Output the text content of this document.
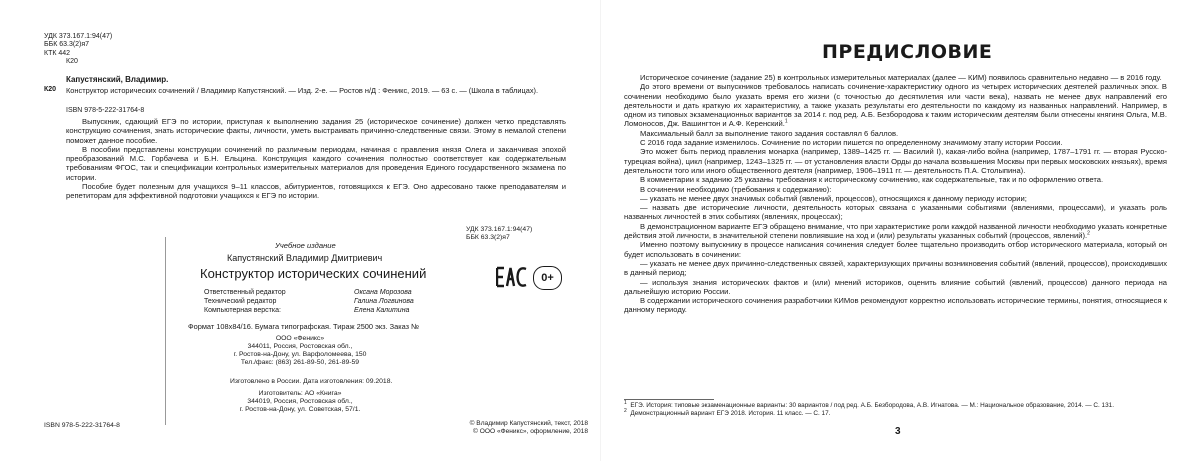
УДК 373.167.1:94(47)
ББК 63.3(2)я7
КТК 442
К20
Капустянский, Владимир.
К20 Конструктор исторических сочинений / Владимир Капустянский. — Изд. 2-е. — Ростов н/Д : Феникс, 2019. — 63 с. — (Школа в таблицах).
ISBN 978-5-222-31764-8

Выпускник, сдающий ЕГЭ по истории, приступая к выполнению задания 25 (историческое сочинение) должен четко представлять конструкцию сочинения, знать исторические факты, личности, уметь выстраивать причинно-следственные связи. Этому в немалой степени поможет данное пособие.

В пособии представлены конструкции сочинений по различным периодам, начиная с правления князя Олега и заканчивая эпохой преобразований М.С. Горбачева и Б.Н. Ельцина. Конструкция каждого сочинения полностью соответствует как содержательным требованиям ФГОС, так и спецификации контрольных измерительных материалов для проведения Единого государственного экзамена по истории.

Пособие будет полезным для учащихся 9–11 классов, абитуриентов, готовящихся к ЕГЭ. Оно адресовано также преподавателям и репетиторам для эффективной подготовки учащихся к ЕГЭ по истории.

УДК 373.167.1:94(47)
ББК 63.3(2)я7
Учебное издание
Капустянский Владимир Дмитриевич
Конструктор исторических сочинений	0+
Ответственный редактор	Оксана Морозова
Технический редактор	Галина Логвинова
Компьютерная верстка:	Елена Калитина
Формат 108х84/16. Бумага типографская. Тираж 2500 экз. Заказ №
ООО «Феникс»
344011, Россия, Ростовская обл.,
г. Ростов-на-Дону, ул. Варфоломеева, 150
Тел./факс: (863) 261-89-50, 261-89-59
Изготовлено в России. Дата изготовления: 09.2018.
Изготовитель: АО «Книга»
344019, Россия, Ростовская обл.,
г. Ростов-на-Дону, ул. Советская, 57/1.
ISBN 978-5-222-31764-8	© Владимир Капустянский, текст, 2018
© ООО «Феникс», оформление, 2018
ПРЕДИСЛОВИЕ

Историческое сочинение (задание 25) в контрольных измерительных материалах (далее — КИМ) появилось сравнительно недавно — в 2016 году.

До этого времени от выпускников требовалось написать сочинение-характеристику одного из четырех исторических деятелей различных эпох. В сочинении необходимо было указать время его жизни (с точностью до десятилетия или части века), назвать не менее двух направлений его деятельности и дать краткую их характеристику, а также указать результаты его деятельности по каждому из названных направлений. Например, в одном из типовых экзаменационных вариантов за 2014 г. под ред. А.Б. Безбородова к таким историческим деятелям были отнесены княгиня Ольга, М.В. Ломоносов, Дж. Вашингтон и А.Ф. Керенский.$^1$

Максимальный балл за выполнение такого задания составлял 6 баллов.

С 2016 года задание изменилось. Сочинение по истории пишется по определенному значимому этапу истории России.

Это может быть период правления монарха (например, 1389–1425 гг. — Василий I), какая-либо война (например, 1787–1791 гг. — вторая Русско-турецкая война), цикл (например, 1243–1325 гг. — от установления власти Орды до начала возвышения Москвы при первых московских князьях), время деятельности того или иного общественного деятеля (например, 1906–1911 гг. — деятельность П.А. Столыпина).

В комментарии к заданию 25 указаны требования к историческому сочинению, как содержательные, так и по оформлению ответа.

В сочинении необходимо (требования к содержанию):

— указать не менее двух значимых событий (явлений, процессов), относящихся к данному периоду истории;

— назвать две исторические личности, деятельность которых связана с указанными событиями (явлениями, процессами), и указать роль названных личностей в этих событиях (явлениях, процессах);

В демонстрационном варианте ЕГЭ обращено внимание, что при характеристике роли каждой названной личности необходимо указать конкретные действия этой личности, в значительной степени повлиявшие на ход и (или) результаты указанных событий (процессов, явлений).$^2$

Именно поэтому выпускнику в процессе написания сочинения следует более тщательно производить отбор исторического материала, который он будет использовать в сочинении:

— указать не менее двух причинно-следственных связей, характеризующих причины возникновения событий (явлений, процессов), происходивших в данный период;

— используя знания исторических фактов и (или) мнений историков, оценить влияние событий (явлений, процессов) данного периода на дальнейшую историю России.

В содержании исторического сочинения разработчики КИМов рекомендуют корректно использовать исторические термины, понятия, относящиеся к данному периоду.

$^1$ ЕГЭ. История: типовые экзаменационные варианты: 30 вариантов / под ред. А.Б. Безбородова, А.В. Игнатова. — М.: Национальное образование, 2014. — С. 131.
$^2$ Демонстрационный вариант ЕГЭ 2018. История. 11 класс. — С. 17.
3
